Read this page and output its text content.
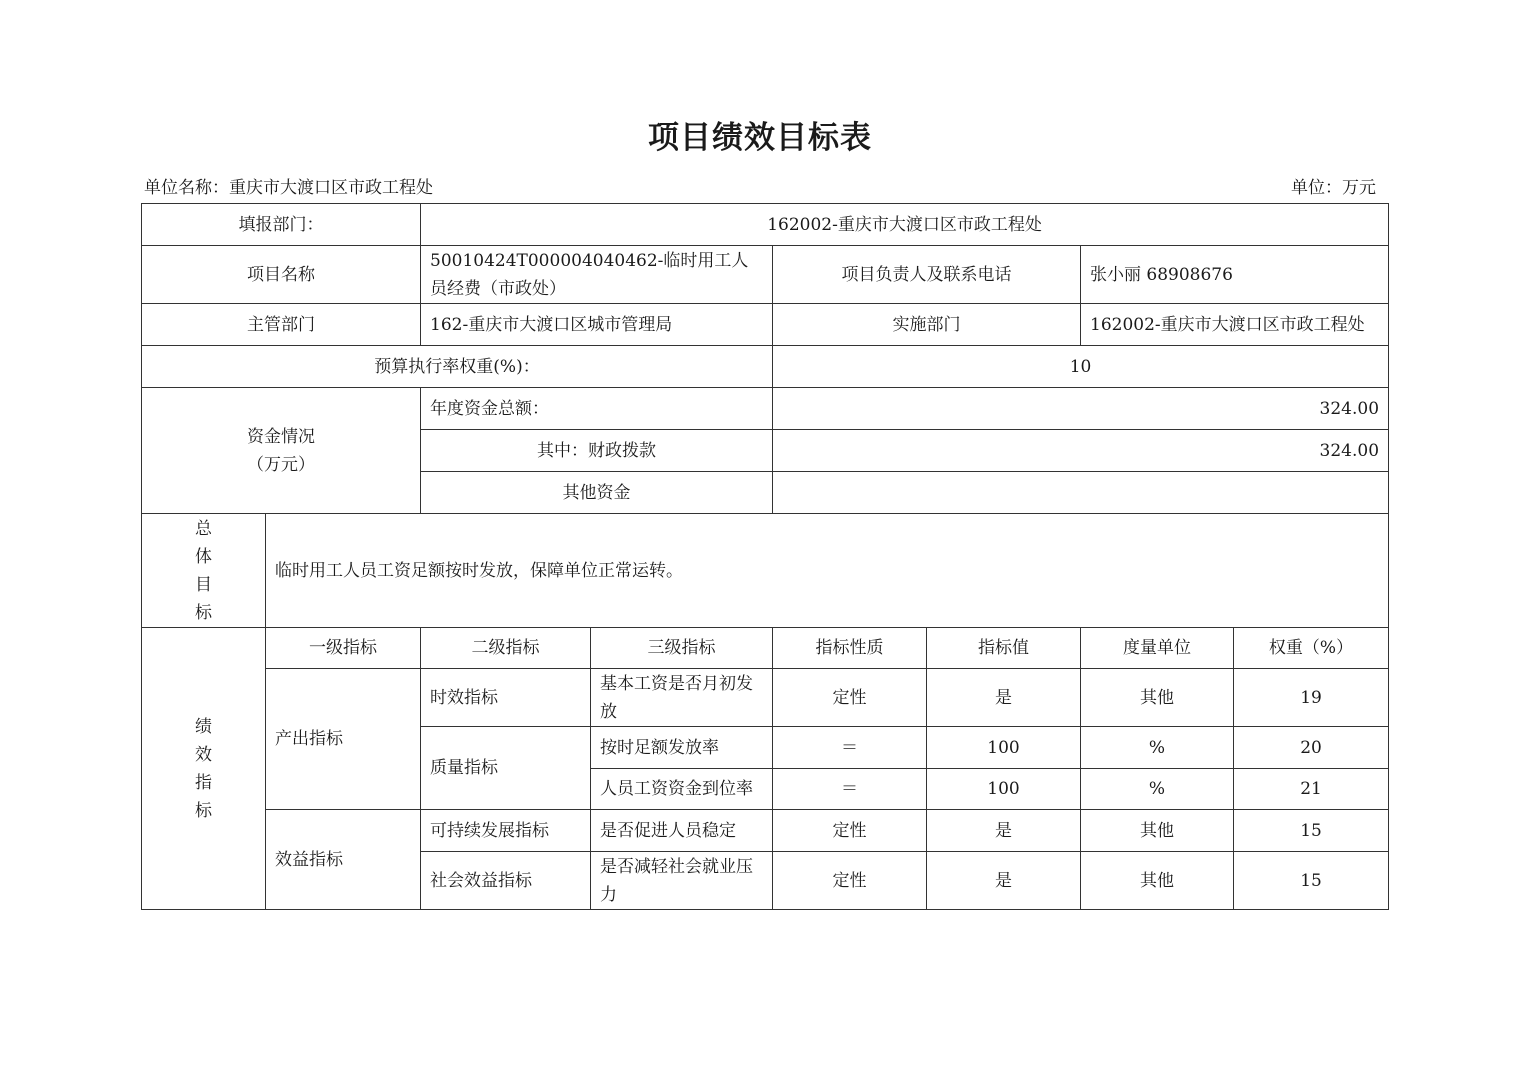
项目绩效目标表
单位名称：重庆市大渡口区市政工程处	单位：万元
填报部门：		162002-重庆市大渡口区市政工程处					
项目名称		50010424T000004040462-临时用工人员经费（市政处）		项目负责人及联系电话		张小丽 68908676	
主管部门		162-重庆市大渡口区城市管理局		实施部门		162002-重庆市大渡口区市政工程处	
预算执行率权重(%)：				10			

资金情况
（万元）		年度资金总额：		324.00			
		其中：财政拨款		324.00			
		其他资金					

总
体
目
标	临时用工人员工资足额按时发放，保障单位正常运转。						

绩
效
指
标	一级指标	二级指标	三级指标	指标性质	指标值	度量单位	权重（%）
	产出指标	时效指标	基本工资是否月初发放	定性	是	其他	19
		质量指标	按时足额发放率	＝	100	%	20
			人员工资资金到位率	＝	100	%	21
	效益指标	可持续发展指标	是否促进人员稳定	定性	是	其他	15
		社会效益指标	是否减轻社会就业压力	定性	是	其他	15
